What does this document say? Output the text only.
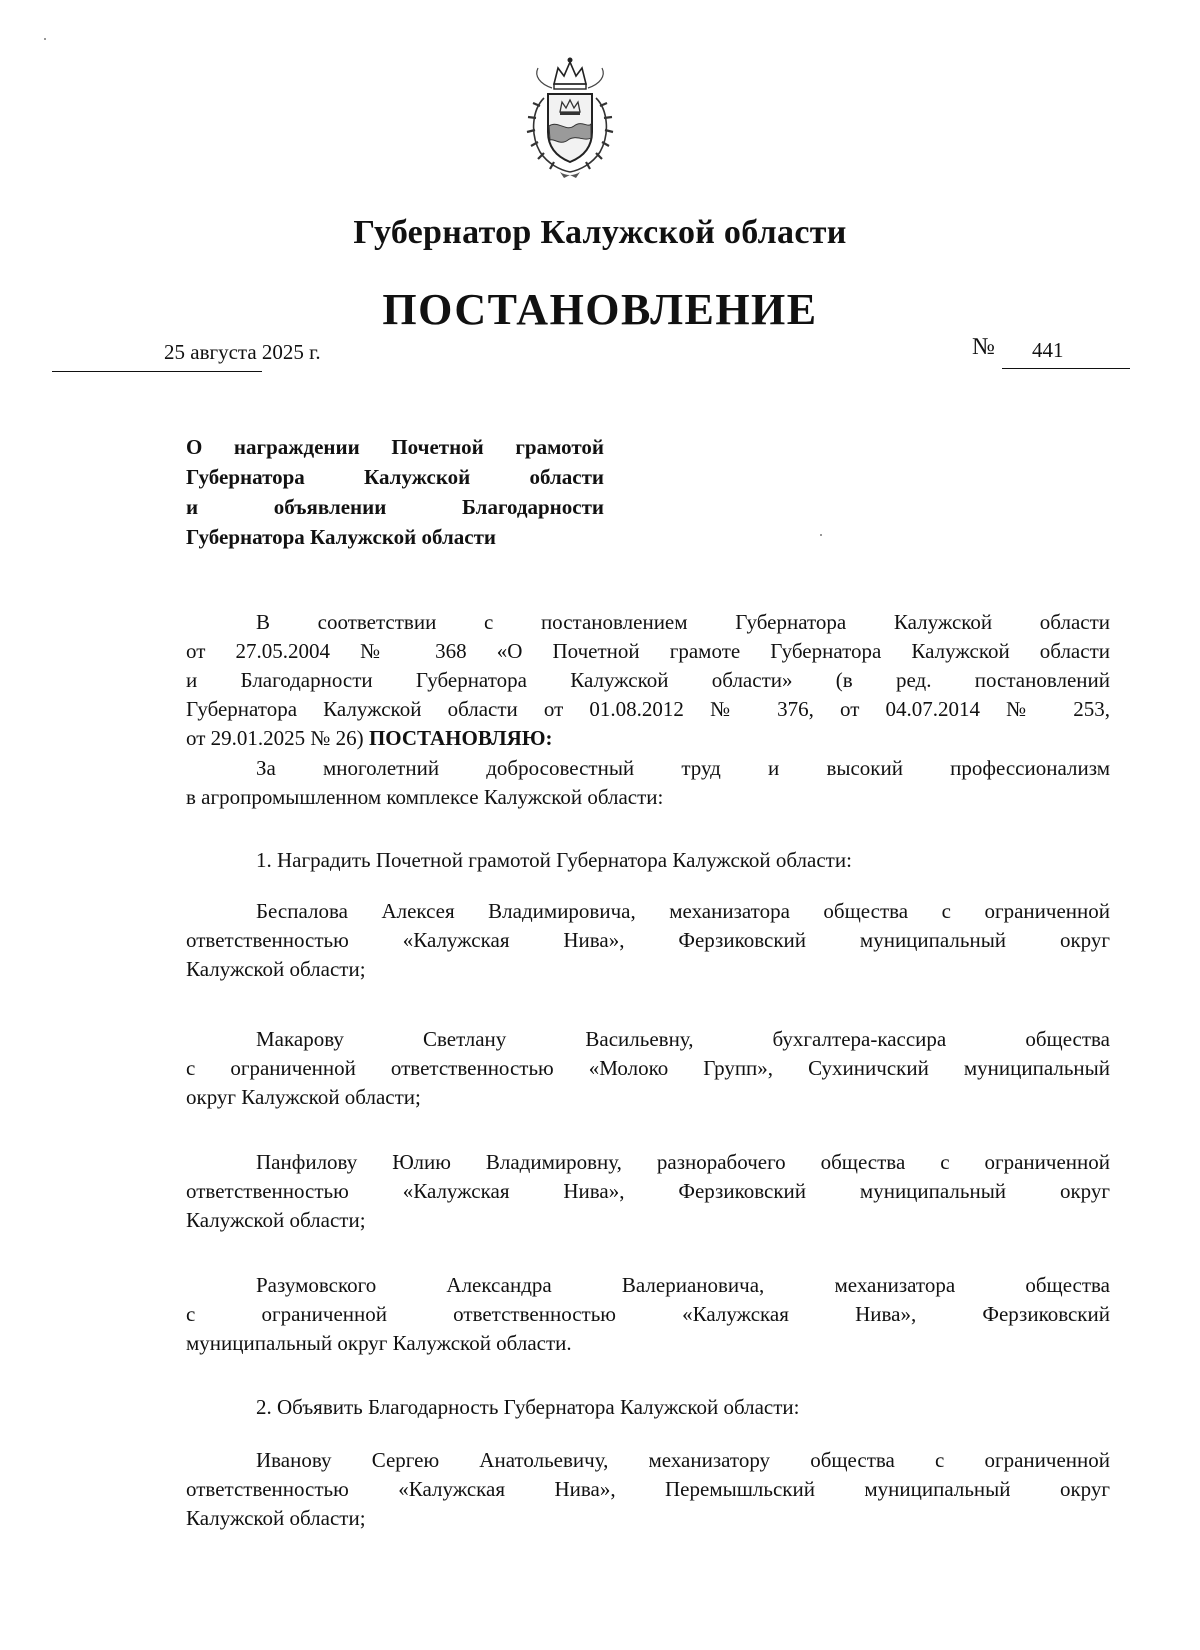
Губернатор Калужской области
ПОСТАНОВЛЕНИЕ
25 августа 2025 г.	№ 441
О награждении Почетной грамотой
Губернатора Калужской области
и объявлении Благодарности
Губернатора Калужской области
В соответствии с постановлением Губернатора Калужской области
от 27.05.2004 № 368 «О Почетной грамоте Губернатора Калужской области
и Благодарности Губернатора Калужской области» (в ред. постановлений
Губернатора Калужской области от 01.08.2012 № 376, от 04.07.2014 № 253,
от 29.01.2025 № 26) ПОСТАНОВЛЯЮ:
За многолетний добросовестный труд и высокий профессионализм
в агропромышленном комплексе Калужской области:
1. Наградить Почетной грамотой Губернатора Калужской области:
Беспалова Алексея Владимировича, механизатора общества с ограниченной
ответственностью «Калужская Нива», Ферзиковский муниципальный округ
Калужской области;
Макарову Светлану Васильевну, бухгалтера-кассира общества
с ограниченной ответственностью «Молоко Групп», Сухиничский муниципальный
округ Калужской области;
Панфилову Юлию Владимировну, разнорабочего общества с ограниченной
ответственностью «Калужская Нива», Ферзиковский муниципальный округ
Калужской области;
Разумовского Александра Валериановича, механизатора общества
с ограниченной ответственностью «Калужская Нива», Ферзиковский
муниципальный округ Калужской области.
2. Объявить Благодарность Губернатора Калужской области:
Иванову Сергею Анатольевичу, механизатору общества с ограниченной
ответственностью «Калужская Нива», Перемышльский муниципальный округ
Калужской области;
